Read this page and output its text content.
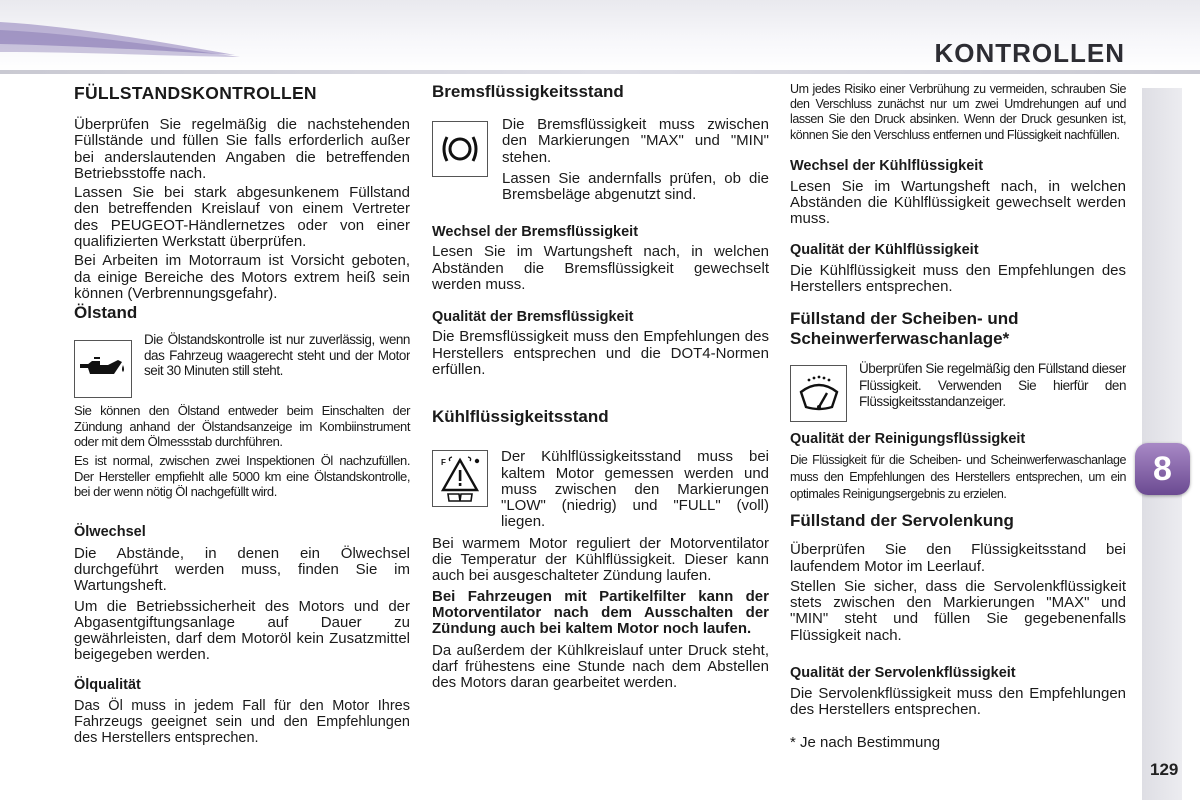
KONTROLLEN
8
129
FÜLLSTANDSKONTROLLEN

Überprüfen Sie regelmäßig die nachstehenden Füllstände und füllen Sie falls erforderlich außer bei anderslautenden Angaben die betreffenden Betriebsstoffe nach.

Lassen Sie bei stark abgesunkenem Füllstand den betreffenden Kreislauf von einem Vertreter des PEUGEOT-Händlernetzes oder von einer qualifizierten Werkstatt überprüfen.

Bei Arbeiten im Motorraum ist Vorsicht geboten, da einige Bereiche des Motors extrem heiß sein können (Verbrennungsgefahr).

Ölstand

Die Ölstandskontrolle ist nur zuverlässig, wenn das Fahrzeug waagerecht steht und der Motor seit 30 Minuten still steht.

Sie können den Ölstand entweder beim Einschalten der Zündung anhand der Ölstandsanzeige im Kombiinstrument oder mit dem Ölmessstab durchführen.

Es ist normal, zwischen zwei Inspektionen Öl nachzufüllen. Der Hersteller empfiehlt alle 5000 km eine Ölstandskontrolle, bei der wenn nötig Öl nachgefüllt wird.

Ölwechsel

Die Abstände, in denen ein Ölwechsel durchgeführt werden muss, finden Sie im Wartungsheft.

Um die Betriebssicherheit des Motors und der Abgasentgiftungsanlage auf Dauer zu gewährleisten, darf dem Motoröl kein Zusatzmittel beigegeben werden.

Ölqualität

Das Öl muss in jedem Fall für den Motor Ihres Fahrzeugs geeignet sein und den Empfehlungen des Herstellers entsprechen.

Bremsflüssigkeitsstand

Die Bremsflüssigkeit muss zwischen den Markierungen "MAX" und "MIN" stehen.

Lassen Sie andernfalls prüfen, ob die Bremsbeläge abgenutzt sind.

Wechsel der Bremsflüssigkeit

Lesen Sie im Wartungsheft nach, in welchen Abständen die Bremsflüssigkeit gewechselt werden muss.

Qualität der Bremsflüssigkeit

Die Bremsflüssigkeit muss den Empfehlungen des Herstellers entsprechen und die DOT4-Normen erfüllen.

Kühlflüssigkeitsstand
F	Der Kühlflüssigkeitsstand muss bei kaltem Motor gemessen werden und muss zwischen den Markierungen "LOW" (niedrig) und "FULL" (voll) liegen.

Bei warmem Motor reguliert der Motorventilator die Temperatur der Kühlflüssigkeit. Dieser kann auch bei ausgeschalteter Zündung laufen.

Bei Fahrzeugen mit Partikelfilter kann der Motorventilator nach dem Ausschalten der Zündung auch bei kaltem Motor noch laufen.

Da außerdem der Kühlkreislauf unter Druck steht, darf frühestens eine Stunde nach dem Abstellen des Motors daran gearbeitet werden.

Um jedes Risiko einer Verbrühung zu vermeiden, schrauben Sie den Verschluss zunächst nur um zwei Umdrehungen auf und lassen Sie den Druck absinken. Wenn der Druck gesunken ist, können Sie den Verschluss entfernen und Flüssigkeit nachfüllen.

Wechsel der Kühlflüssigkeit

Lesen Sie im Wartungsheft nach, in welchen Abständen die Kühlflüssigkeit gewechselt werden muss.

Qualität der Kühlflüssigkeit

Die Kühlflüssigkeit muss den Empfehlungen des Herstellers entsprechen.

Füllstand der Scheiben- und Scheinwerferwaschanlage*

Überprüfen Sie regelmäßig den Füllstand dieser Flüssigkeit. Verwenden Sie hierfür den Flüssigkeitsstandanzeiger.

Qualität der Reinigungsflüssigkeit

Die Flüssigkeit für die Scheiben- und Scheinwerferwaschanlage muss den Empfehlungen des Herstellers entsprechen, um ein optimales Reinigungsergebnis zu erzielen.

Füllstand der Servolenkung

Überprüfen Sie den Flüssigkeitsstand bei laufendem Motor im Leerlauf.

Stellen Sie sicher, dass die Servolenkflüssigkeit stets zwischen den Markierungen "MAX" und "MIN" steht und füllen Sie gegebenenfalls Flüssigkeit nach.

Qualität der Servolenkflüssigkeit

Die Servolenkflüssigkeit muss den Empfehlungen des Herstellers entsprechen.

* Je nach Bestimmung
